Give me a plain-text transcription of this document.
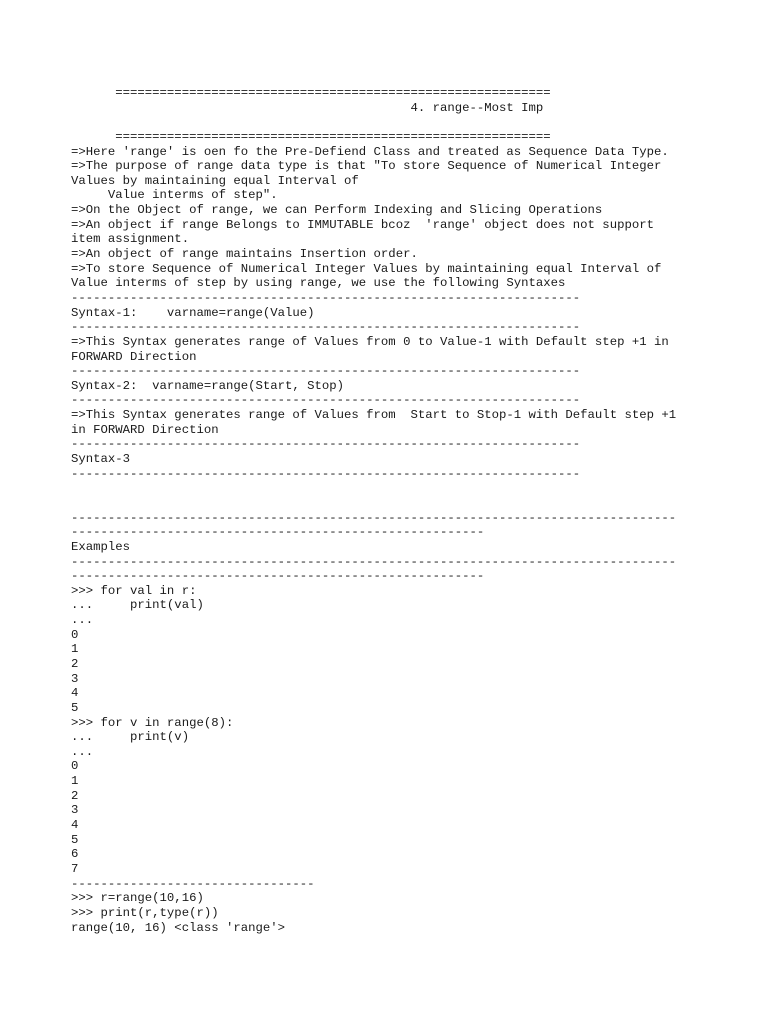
===========================================================
4. range--Most Imp
===========================================================
=>Here 'range' is oen fo the Pre-Defiend Class and treated as Sequence Data Type.
=>The purpose of range data type is that "To store Sequence of Numerical Integer
Values by maintaining equal Interval of
Value interms of step".
=>On the Object of range, we can Perform Indexing and Slicing Operations
=>An object if range Belongs to IMMUTABLE bcoz  'range' object does not support
item assignment.
=>An object of range maintains Insertion order.
=>To store Sequence of Numerical Integer Values by maintaining equal Interval of
Value interms of step by using range, we use the following Syntaxes
---------------------------------------------------------------------
Syntax-1:    varname=range(Value)
---------------------------------------------------------------------
=>This Syntax generates range of Values from 0 to Value-1 with Default step +1 in
FORWARD Direction
---------------------------------------------------------------------
Syntax-2:  varname=range(Start, Stop)
---------------------------------------------------------------------
=>This Syntax generates range of Values from  Start to Stop-1 with Default step +1
in FORWARD Direction
---------------------------------------------------------------------
Syntax-3
---------------------------------------------------------------------
----------------------------------------------------------------------------------
--------------------------------------------------------
Examples
----------------------------------------------------------------------------------
--------------------------------------------------------
>>> for val in r:
...     print(val)
...
0
1
2
3
4
5
>>> for v in range(8):
...     print(v)
...
0
1
2
3
4
5
6
7
---------------------------------
>>> r=range(10,16)
>>> print(r,type(r))
range(10, 16) <class 'range'>
